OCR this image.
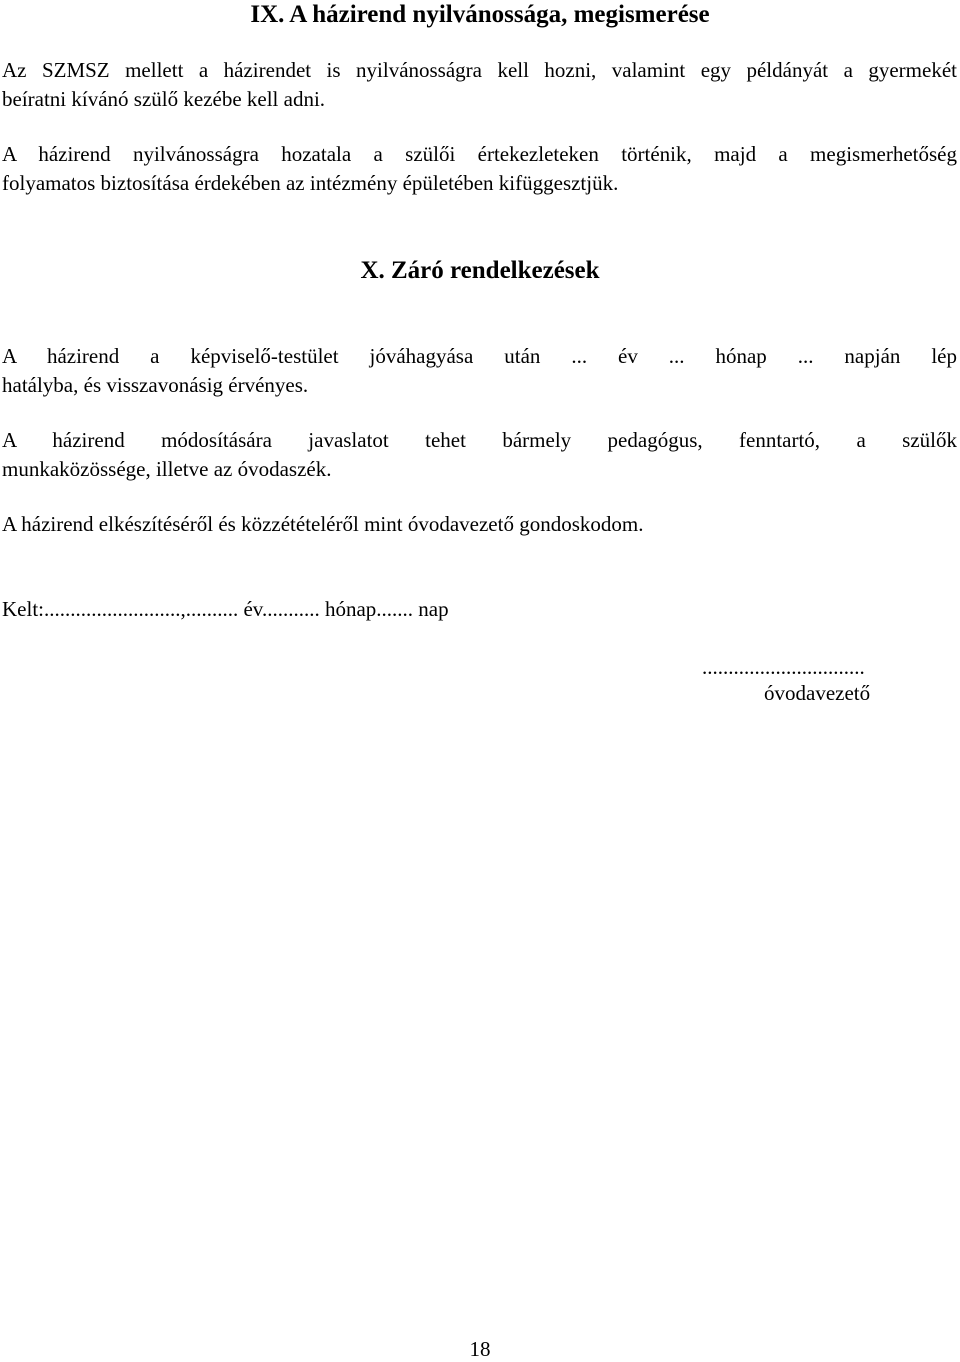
IX. A házirend nyilvánossága, megismerése

Az SZMSZ mellett a házirendet is nyilvánosságra kell hozni, valamint egy példányát a gyermekét
beíratni kívánó szülő kezébe kell adni.

A házirend nyilvánosságra hozatala a szülői értekezleteken történik, majd a megismerhetőség
folyamatos biztosítása érdekében az intézmény épületében kifüggesztjük.

X. Záró rendelkezések

A házirend a képviselő-testület jóváhagyása után ... év ... hónap ... napján lép
hatályba, és visszavonásig érvényes.

A házirend módosítására javaslatot tehet bármely pedagógus, fenntartó, a szülők
munkaközössége, illetve az óvodaszék.

A házirend elkészítéséről és közzétételéről mint óvodavezető gondoskodom.

Kelt:..........................,.......... év........... hónap....... nap

...............................

óvodavezető

18
